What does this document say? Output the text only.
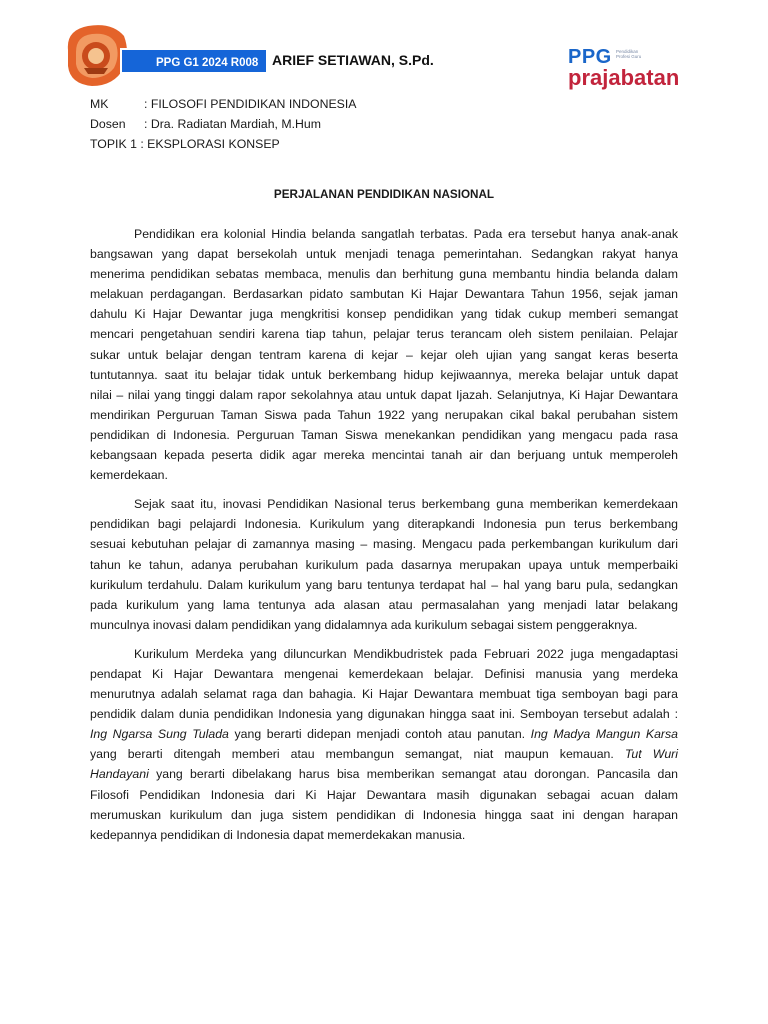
PPG G1 2024 R008 ARIEF SETIAWAN, S.Pd.	PPG Pendidikan Profesi Guru
prajabatan
MK	: FILOSOFI PENDIDIKAN INDONESIA
Dosen	: Dra. Radiatan Mardiah, M.Hum
TOPIK 1 : EKSPLORASI KONSEP
PERJALANAN PENDIDIKAN NASIONAL
Pendidikan era kolonial Hindia belanda sangatlah terbatas. Pada era tersebut hanya anak-anak
bangsawan yang dapat bersekolah untuk menjadi tenaga pemerintahan. Sedangkan rakyat hanya
menerima pendidikan sebatas membaca, menulis dan berhitung guna membantu hindia belanda dalam
melakuan perdagangan. Berdasarkan pidato sambutan Ki Hajar Dewantara Tahun 1956, sejak jaman
dahulu Ki Hajar Dewantar juga mengkritisi konsep pendidikan yang tidak cukup memberi semangat
mencari pengetahuan sendiri karena tiap tahun, pelajar terus terancam oleh sistem penilaian. Pelajar
sukar untuk belajar dengan tentram karena di kejar – kejar oleh ujian yang sangat keras beserta
tuntutannya. saat itu belajar tidak untuk berkembang hidup kejiwaannya, mereka belajar untuk dapat
nilai – nilai yang tinggi dalam rapor sekolahnya atau untuk dapat Ijazah. Selanjutnya, Ki Hajar Dewantara
mendirikan Perguruan Taman Siswa pada Tahun 1922 yang nerupakan cikal bakal perubahan sistem
pendidikan di Indonesia. Perguruan Taman Siswa menekankan pendidikan yang mengacu pada rasa
kebangsaan kepada peserta didik agar mereka mencintai tanah air dan berjuang untuk memperoleh
kemerdekaan.
Sejak saat itu, inovasi Pendidikan Nasional terus berkembang guna memberikan kemerdekaan
pendidikan bagi pelajardi Indonesia. Kurikulum yang diterapkandi Indonesia pun terus berkembang
sesuai kebutuhan pelajar di zamannya masing – masing. Mengacu pada perkembangan kurikulum dari
tahun ke tahun, adanya perubahan kurikulum pada dasarnya merupakan upaya untuk memperbaiki
kurikulum terdahulu. Dalam kurikulum yang baru tentunya terdapat hal – hal yang baru pula, sedangkan
pada kurikulum yang lama tentunya ada alasan atau permasalahan yang menjadi latar belakang
munculnya inovasi dalam pendidikan yang didalamnya ada kurikulum sebagai sistem penggeraknya.
Kurikulum Merdeka yang diluncurkan Mendikbudristek pada Februari 2022 juga mengadaptasi
pendapat Ki Hajar Dewantara mengenai kemerdekaan belajar. Definisi manusia yang merdeka
menurutnya adalah selamat raga dan bahagia. Ki Hajar Dewantara membuat tiga semboyan bagi para
pendidik dalam dunia pendidikan Indonesia yang digunakan hingga saat ini. Semboyan tersebut adalah :
Ing Ngarsa Sung Tulada yang berarti didepan menjadi contoh atau panutan. Ing Madya Mangun Karsa
yang berarti ditengah memberi atau membangun semangat, niat maupun kemauan. Tut Wuri
Handayani yang berarti dibelakang harus bisa memberikan semangat atau dorongan. Pancasila dan
Filosofi Pendidikan Indonesia dari Ki Hajar Dewantara masih digunakan sebagai acuan dalam
merumuskan kurikulum dan juga sistem pendidikan di Indonesia hingga saat ini dengan harapan
kedepannya pendidikan di Indonesia dapat memerdekakan manusia.
